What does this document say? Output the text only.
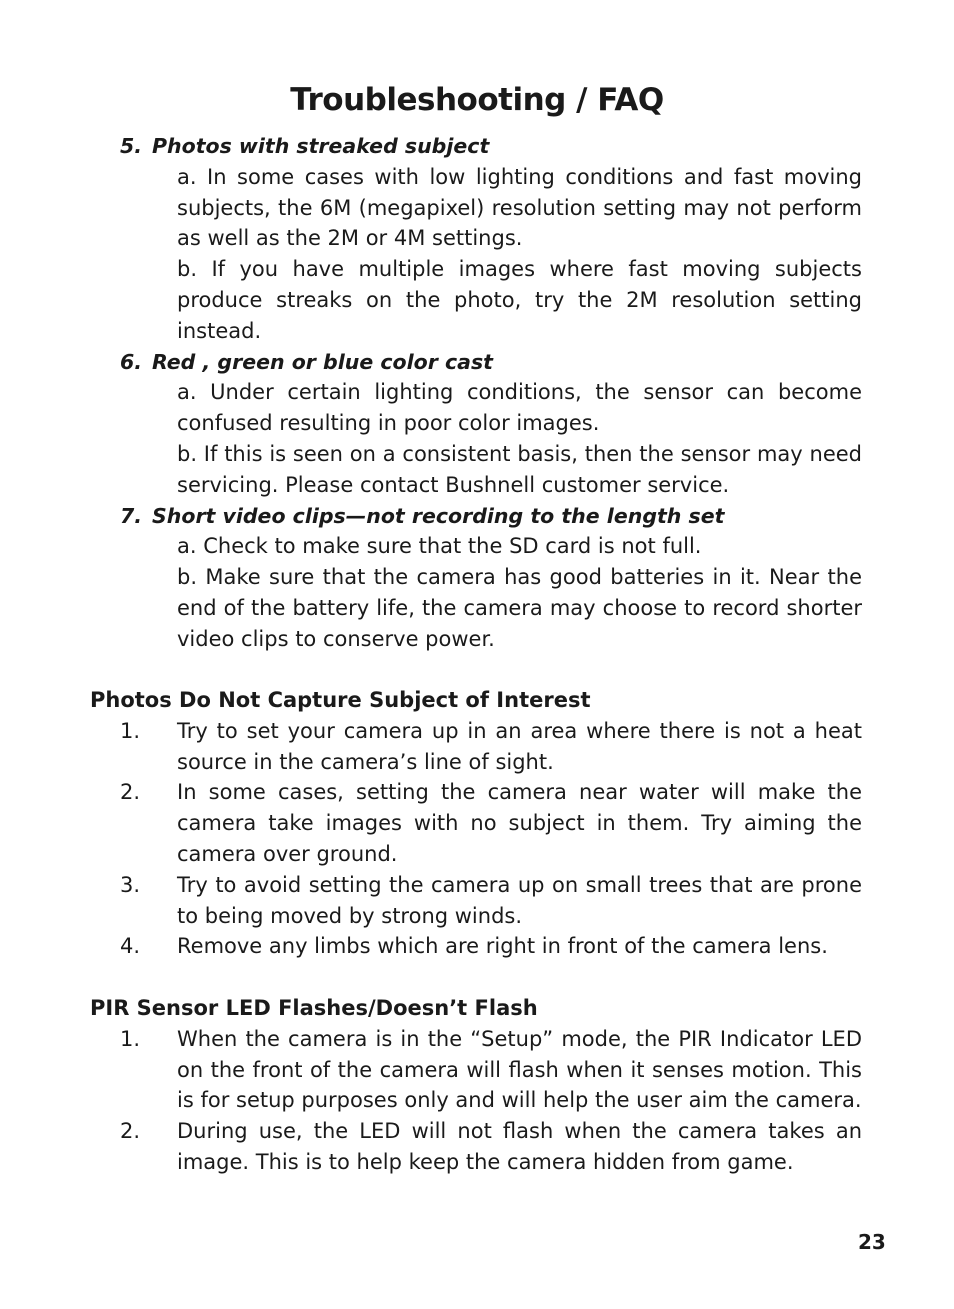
Troubleshooting / FAQ
5. Photos with streaked subject
a. In some cases with low lighting conditions and fast moving subjects, the 6M (megapixel) resolution setting may not perform as well as the 2M or 4M settings.
b. If you have multiple images where fast moving subjects produce streaks on the photo, try the 2M resolution setting instead.
6. Red , green or blue color cast
a. Under certain lighting conditions, the sensor can become confused resulting in poor color images.
b. If this is seen on a consistent basis, then the sensor may need servicing. Please contact Bushnell customer service.
7. Short video clips—not recording to the length set
a. Check to make sure that the SD card is not full.
b. Make sure that the camera has good batteries in it. Near the end of the battery life, the camera may choose to record shorter video clips to conserve power.
Photos Do Not Capture Subject of Interest
1.	Try to set your camera up in an area where there is not a heat source in the camera’s line of sight.
2.	In some cases, setting the camera near water will make the camera take images with no subject in them. Try aiming the camera over ground.
3.	Try to avoid setting the camera up on small trees that are prone to being moved by strong winds.
4.	Remove any limbs which are right in front of the camera lens.
PIR Sensor LED Flashes/Doesn’t Flash
1.	When the camera is in the “Setup” mode, the PIR Indicator LED on the front of the camera will flash when it senses motion. This is for setup purposes only and will help the user aim the camera.
2.	During use, the LED will not flash when the camera takes an image. This is to help keep the camera hidden from game.
23
